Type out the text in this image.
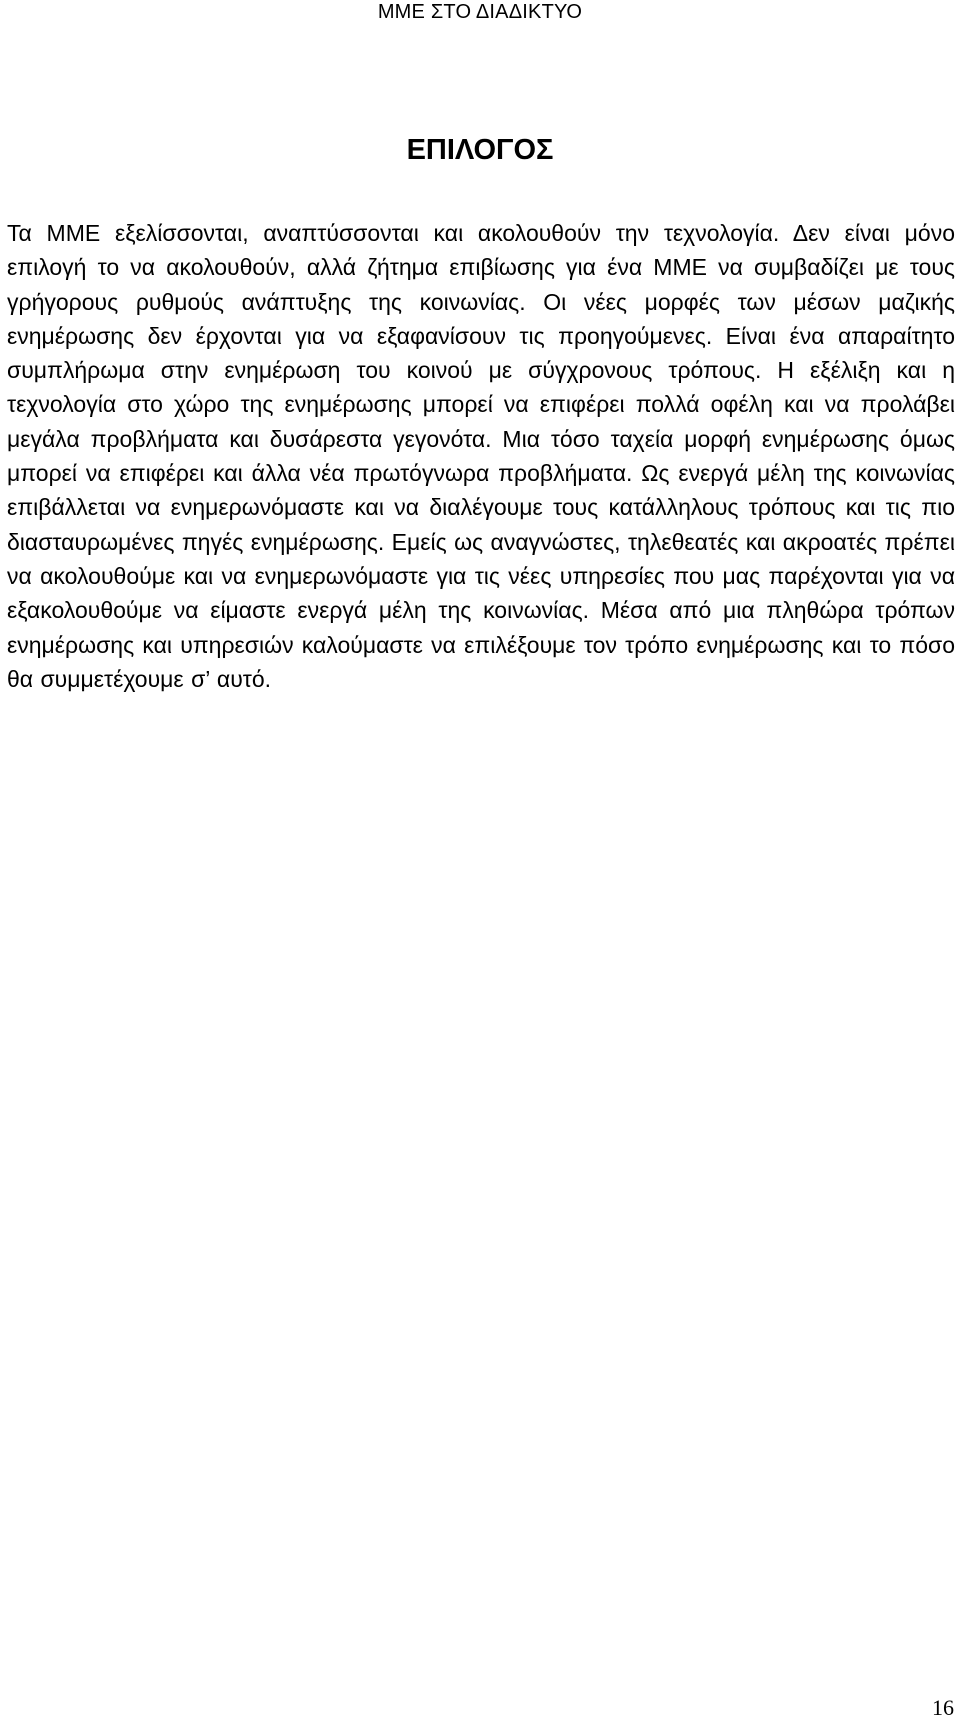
ΜΜΕ ΣΤΟ ΔΙΑΔΙΚΤΥΟ
ΕΠΙΛΟΓΟΣ

Τα ΜΜΕ εξελίσσονται, αναπτύσσονται και ακολουθούν την τεχνολογία. Δεν είναι μόνο επιλογή το να ακολουθούν, αλλά ζήτημα επιβίωσης για ένα ΜΜΕ να συμβαδίζει με τους γρήγορους ρυθμούς ανάπτυξης της κοινωνίας. Οι νέες μορφές των μέσων μαζικής ενημέρωσης δεν έρχονται για να εξαφανίσουν τις προηγούμενες. Είναι ένα απαραίτητο συμπλήρωμα στην ενημέρωση του κοινού με σύγχρονους τρόπους. Η εξέλιξη και η τεχνολογία στο χώρο της ενημέρωσης μπορεί να επιφέρει πολλά οφέλη και να προλάβει μεγάλα προβλήματα και δυσάρεστα γεγονότα. Μια τόσο ταχεία μορφή ενημέρωσης όμως μπορεί να επιφέρει και άλλα νέα πρωτόγνωρα προβλήματα. Ως ενεργά μέλη της κοινωνίας επιβάλλεται να ενημερωνόμαστε και να διαλέγουμε τους κατάλληλους τρόπους και τις πιο διασταυρωμένες πηγές ενημέρωσης. Εμείς ως αναγνώστες, τηλεθεατές και ακροατές πρέπει να ακολουθούμε και να ενημερωνόμαστε για τις νέες υπηρεσίες που μας παρέχονται για να εξακολουθούμε να είμαστε ενεργά μέλη της κοινωνίας. Μέσα από μια πληθώρα τρόπων ενημέρωσης και υπηρεσιών καλούμαστε να επιλέξουμε τον τρόπο ενημέρωσης και το πόσο θα συμμετέχουμε σ’ αυτό.

16
